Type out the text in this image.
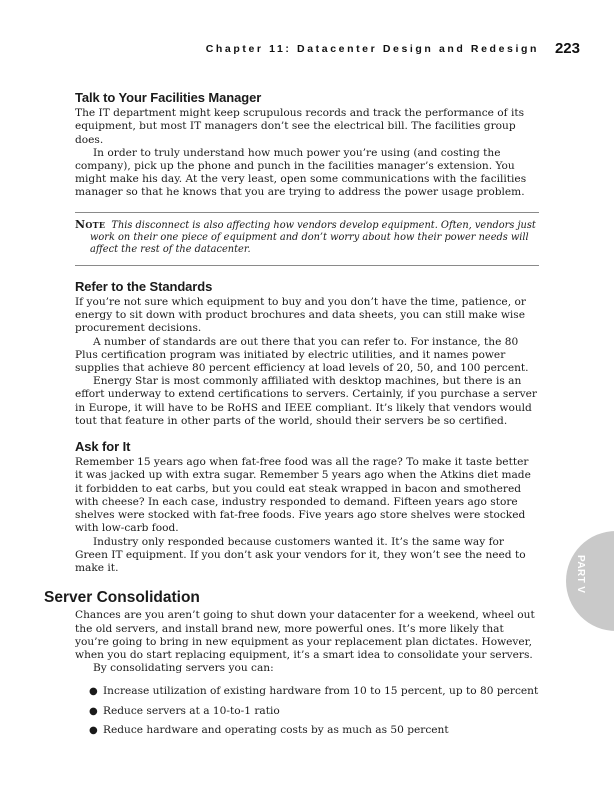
Chapter 11: Datacenter Design and Redesign 223
PART V
Talk to Your Facilities Manager

The IT department might keep scrupulous records and track the performance of its equipment, but most IT managers don’t see the electrical bill. The facilities group does.

In order to truly understand how much power you’re using (and costing the company), pick up the phone and punch in the facilities manager’s extension. You might make his day. At the very least, open some communications with the facilities manager so that he knows that you are trying to address the power usage problem.

Note This disconnect is also affecting how vendors develop equipment. Often, vendors just work on their one piece of equipment and don’t worry about how their power needs will affect the rest of the datacenter.
Refer to the Standards

If you’re not sure which equipment to buy and you don’t have the time, patience, or energy to sit down with product brochures and data sheets, you can still make wise procurement decisions.

A number of standards are out there that you can refer to. For instance, the 80 Plus certification program was initiated by electric utilities, and it names power supplies that achieve 80 percent efficiency at load levels of 20, 50, and 100 percent.

Energy Star is most commonly affiliated with desktop machines, but there is an effort underway to extend certifications to servers. Certainly, if you purchase a server in Europe, it will have to be RoHS and IEEE compliant. It’s likely that vendors would tout that feature in other parts of the world, should their servers be so certified.

Ask for It

Remember 15 years ago when fat-free food was all the rage? To make it taste better it was jacked up with extra sugar. Remember 5 years ago when the Atkins diet made it forbidden to eat carbs, but you could eat steak wrapped in bacon and smothered with cheese? In each case, industry responded to demand. Fifteen years ago store shelves were stocked with fat-free foods. Five years ago store shelves were stocked with low-carb food.

Industry only responded because customers wanted it. It’s the same way for Green IT equipment. If you don’t ask your vendors for it, they won’t see the need to make it.

Server Consolidation

Chances are you aren’t going to shut down your datacenter for a weekend, wheel out the old servers, and install brand new, more powerful ones. It’s more likely that you’re going to bring in new equipment as your replacement plan dictates. However, when you do start replacing equipment, it’s a smart idea to consolidate your servers.

By consolidating servers you can:

● Increase utilization of existing hardware from 10 to 15 percent, up to 80 percent
● Reduce servers at a 10-to-1 ratio
● Reduce hardware and operating costs by as much as 50 percent
